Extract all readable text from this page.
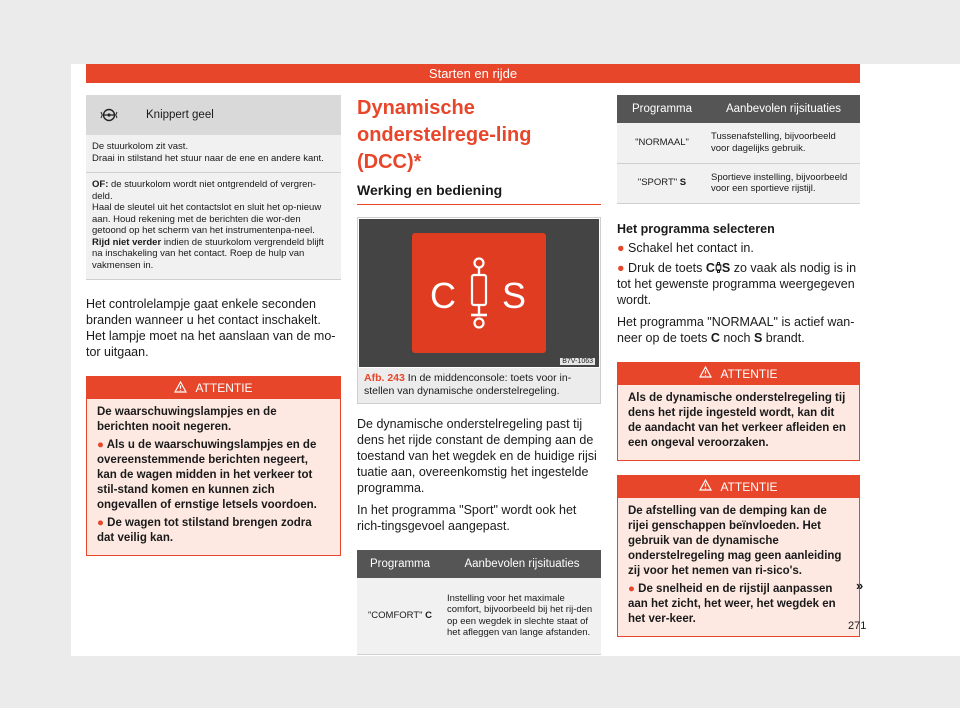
Starten en rijde
Knippert geel

De stuurkolom zit vast.

Draai in stilstand het stuur naar de ene en andere kant.

OF: de stuurkolom wordt niet ontgrendeld of vergren-deld.

Haal de sleutel uit het contactslot en sluit het op-nieuw aan. Houd rekening met de berichten die wor-den getoond op het scherm van het instrumentenpa-neel.

Rijd niet verder indien de stuurkolom vergrendeld blijft na inschakeling van het contact. Roep de hulp van vakmensen in.

Het controlelampje gaat enkele seconden branden wanneer u het contact inschakelt. Het lampje moet na het aanslaan van de mo-tor uitgaan.

ATTENTIE

De waarschuwingslampjes en de berichten nooit negeren.

● Als u de waarschuwingslampjes en de overeenstemmende berichten negeert, kan de wagen midden in het verkeer tot stil-stand komen en kunnen zich ongevallen of ernstige letsels voordoen.

● De wagen tot stilstand brengen zodra dat veilig kan.

Dynamische onderstelrege-ling (DCC)*
Werking en bediening
C S
B7V-1063
Afb. 243 In de middenconsole: toets voor in-stellen van dynamische onderstelregeling.

De dynamische onderstelregeling past tij dens het rijde constant de demping aan de toestand van het wegdek en de huidige rijsi tuatie aan, overeenkomstig het ingestelde programma.

In het programma "Sport" wordt ook het rich-tingsgevoel aangepast.

Programma	Aanbevolen rijsituaties
"COMFORT" C	Instelling voor het maximale comfort, bijvoorbeeld bij het rij-den op een wegdek in slechte staat of het afleggen van lange afstanden.
Programma	Aanbevolen rijsituaties
"NORMAAL"	Tussenafstelling, bijvoorbeeld voor dagelijks gebruik.
"SPORT" S	Sportieve instelling, bijvoorbeeld voor een sportieve rijstijl.

Het programma selecteren

● Schakel het contact in.

● Druk de toets C S zo vaak als nodig is in tot het gewenste programma weergegeven wordt.

Het programma "NORMAAL" is actief wan-neer op de toets C noch S brandt.

ATTENTIE

Als de dynamische onderstelregeling tij dens het rijde ingesteld wordt, kan dit de aandacht van het verkeer afleiden en een ongeval veroorzaken.

ATTENTIE

De afstelling van de demping kan de rijei genschappen beïnvloeden. Het gebruik van de dynamische onderstelregeling mag geen aanleiding zij voor het nemen van ri-sico's.

● De snelheid en de rijstijl aanpassen aan het zicht, het weer, het wegdek en het ver-keer.

»
271
